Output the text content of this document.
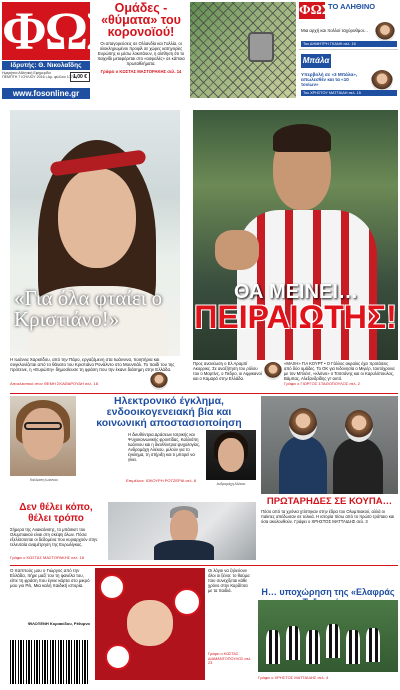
ΦΩΣ
Ιδρυτής: Θ. Νικολαΐδης
Ημερήσια Αθλητική Εφημερίδα
ΠΕΜΠΤΗ 7 ΙΟΥΛΙΟΥ 2016 • Αρ. φύλλου 17784
1,00 €
www.fosonline.gr
Ομάδες - «θύματα» του κορονοϊού!

Οι απαγορεύσεις σε Ολλανδία και Γαλλία, οι ολοκληρωμένοι προφίλ σε χώρες κατηγορίες Ευρώπης κι μέσω λοκντάουν, η αίσθηση ότι το παιχνίδι μεταφέρεται στο «ασφαλές» σε κάποια πρωταθλήματα.

Γράφει ο ΚΩΣΤΑΣ ΜΑΣΤΟΡΑΚΗΣ σελ. 14

ΦΩΣ
ΤΟ ΑΛΗΘΙΝΟ
Μια αρχή και πολλοί ταχύρυθμοι…
Του ΔΗΜΗΤΡΗ ΓΚΑΝΗ σελ. 16
Μπάλα
Υπερβολή σε «3 Μπάλα», απωλεσθέν και τα «10 τονίων»
Του ΧΡΗΣΤΟΥ ΜΑΤΤΑΙΔΗ σελ. 15
«Για όλα φταίει ο Κριστιάνο!»
Η Ιωάννα Χαρισίδου, από την Πάρο, εργαζόμενη στα Ιωάννινα, ποιητήρια και συγκλονίζεται από το θάνατο του Κριστιάνο Ρονάλντο στο Μουντιάλ. Το παιδί του της πρότεινε, η «Ευρώπη» δημοσίευσε τη φράση που την έκανε διάσημη στην Ελλάδα.
Αποκλειστικό στον ΘΕΜΗ ΣΚΑΘΑΡΟΥΔΗ σελ. 18
ΘΑ ΜΕΙΝΕΙ…
ΠΕΙΡΑΙΩΤΗΣ!
Προς ανανέωση ο Ελ Αραμπί Ακορρικς. Σε αναζήτηση του ρόλου του ο Μαρτίνς, ο Πεδρο, οι Αφρικανοί και ο Καμαρά στην Ελλάδα.
«ΜΑΧΗ» ΓΙΑ ΚΟΥΡΤ • Ο Γάλλος ακραίος έχει προτάσεις από δύο ομάδες. Το ΟΚ για Ινδονησία ο Μιγιέρ, ταυτόχρονα με τον Μπλέντ, «κλείνει» ο Τσιτσάνης και οι Καρυλόπουλος, Βάμπας, Αλεξανδρίδης γι’ αυτό.
Γράφει ο ΓΙΩΡΓΟΣ ΣΤΑΘΟΠΟΥΛΟΣ σελ. 2
Καλλιόπη Ιωάννου
Ηλεκτρονικό έγκλημα, ενδοοικογενειακή βία και κοινωνική αποστασιοποίηση
Η διευθύντρια Δράσεων Ιατρικής και Ψυχοκοινωνικής φροντίδας, Καλλιόπη Ιωάννου και η διευθύντρια ψυχολογίας, Ανδρομάχη Αλέκου, μιλούν για το έγκλημα, τη στήριξη και τι μπορεί να γίνει.
Επιμέλεια: ΙΟΚΟΥΡΗ ΡΟΤΖΕΡΙΑ σελ. 8
Ανδρομάχη Αλέκου
ΠΡΩΤΑΡΗΔΕΣ ΣΕ ΚΟΥΠΑ…
Πόσο από τα χρόνια χτίστηκαν στην έδρα του Ολυμπιακού, αλλά οι παίκτες απέδωσαν σε τελικά. Η ιστορία πίσω από το πρώτο τρόπαιο και όσα ακολουθούν. Γράφει ο ΧΡΗΣΤΟΣ ΜΑΤΤΑΙΔΗΣ σελ. 3
Δεν θέλει κόπο, θέλει τρόπο
Σήμερα της Ανακαίνισης, το μπάσκετ του Ολυμπιακού είναι στη σκέψη όλων. Πόσα εξελίσσονται οι δεδομένα που κυριαρχούν στην τελευταία αναμέτρηση της Ευρωλίγκας.
Γράφει ο ΚΩΣΤΑΣ ΜΑΣΤΟΡΑΚΗΣ σελ. 16
Ο παππούς μου ο Γιώργος από την Ελλάδα, πήρε μαζί του τη φανέλα του, είπε τη φράση που έγινε κάρτα στο μικρό μου γιο Ρέι, Μια καλή παιδική ιστορία.
ΦΙΛΟΞΕΝΗ Κυριακίδου, Ρέθυμνο
Οι λόγοι να ζηλεύουν όλοι οι ξένοι: το θαύμα που συνεχίζεται κάθε χρόνο στην Καρδίτσα με τα παιδιά.
Γράφει ο ΚΩΣΤΑΣ ΔΙΑΜΑΝΤΟΠΟΥΛΟΣ σελ. 23
Η… υποχώρηση της «Ελαφράς
Γράφει ο ΧΡΗΣΤΟΣ ΜΑΤΤΑΙΔΗΣ σελ. 4
